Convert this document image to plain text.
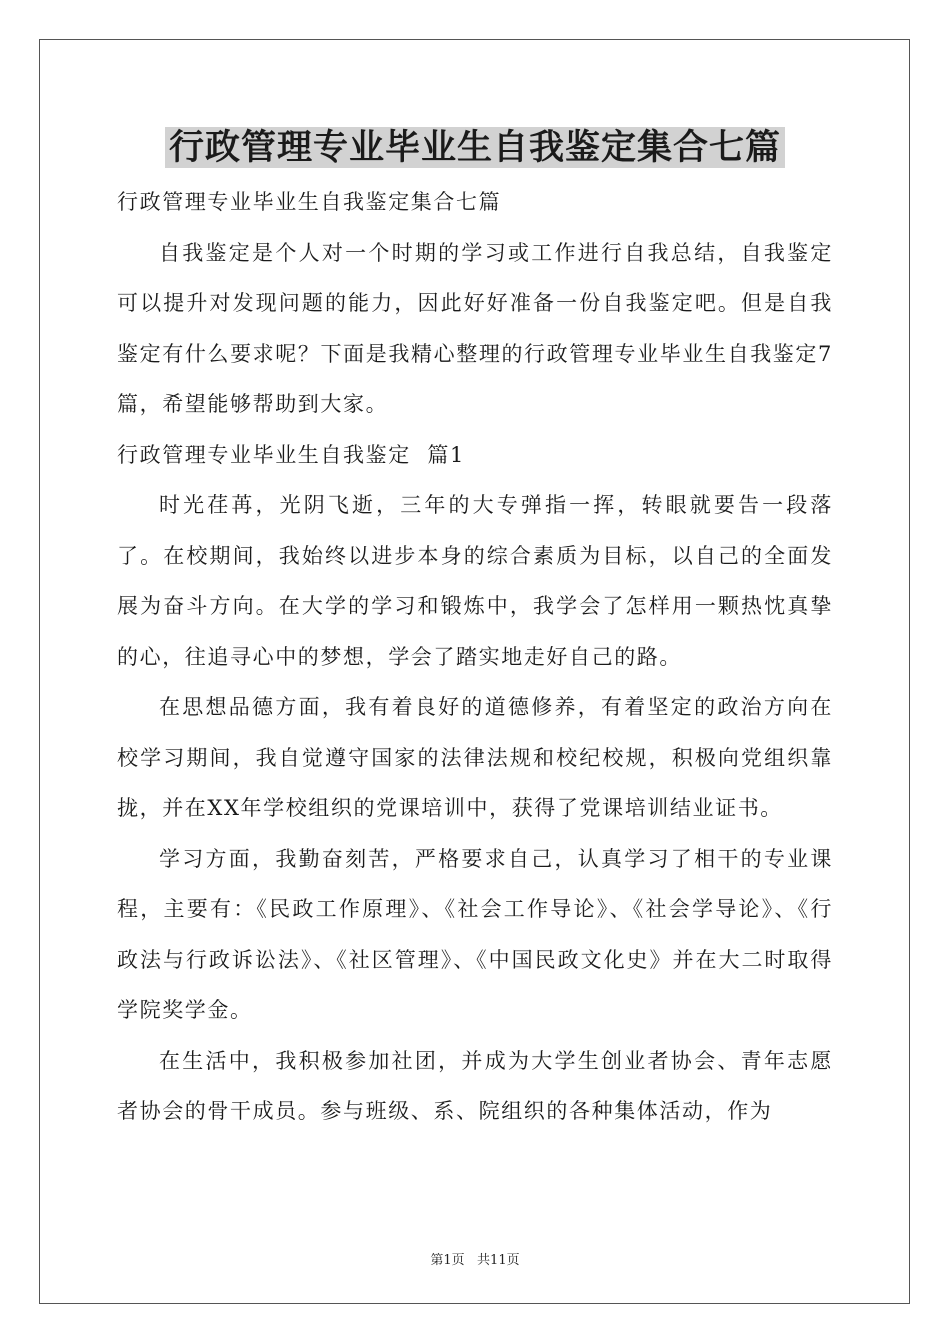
行政管理专业毕业生自我鉴定集合七篇

行政管理专业毕业生自我鉴定集合七篇

自我鉴定是个人对一个时期的学习或工作进行自我总结，自我鉴定可以提升对发现问题的能力，因此好好准备一份自我鉴定吧。但是自我鉴定有什么要求呢？下面是我精心整理的行政管理专业毕业生自我鉴定7篇，希望能够帮助到大家。

行政管理专业毕业生自我鉴定  篇1

时光荏苒，光阴飞逝，三年的大专弹指一挥，转眼就要告一段落了。在校期间，我始终以进步本身的综合素质为目标，以自己的全面发展为奋斗方向。在大学的学习和锻炼中，我学会了怎样用一颗热忱真挚的心，往追寻心中的梦想，学会了踏实地走好自己的路。

在思想品德方面，我有着良好的道德修养，有着坚定的政治方向在校学习期间，我自觉遵守国家的法律法规和校纪校规，积极向党组织靠拢，并在XX年学校组织的党课培训中，获得了党课培训结业证书。

学习方面，我勤奋刻苦，严格要求自己，认真学习了相干的专业课程，主要有：《民政工作原理》、《社会工作导论》、《社会学导论》、《行政法与行政诉讼法》、《社区管理》、《中国民政文化史》并在大二时取得学院奖学金。

在生活中，我积极参加社团，并成为大学生创业者协会、青年志愿者协会的骨干成员。参与班级、系、院组织的各种集体活动，作为

第1页   共11页
